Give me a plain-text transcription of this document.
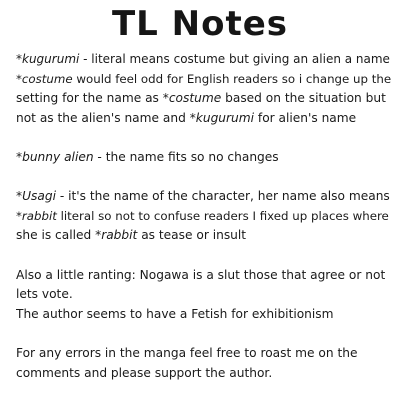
TL Notes
*kugurumi - literal means costume but giving an alien a name
*costume would feel odd for English readers so i change up the
setting for the name as *costume based on the situation but
not as the alien's name and *kugurumi for alien's name
*bunny alien - the name fits so no changes
*Usagi - it's the name of the character, her name also means
*rabbit literal so not to confuse readers I fixed up places where
she is called *rabbit as tease or insult
Also a little ranting: Nogawa is a slut those that agree or not
lets vote.
The author seems to have a Fetish for exhibitionism
For any errors in the manga feel free to roast me on the
comments and please support the author.
